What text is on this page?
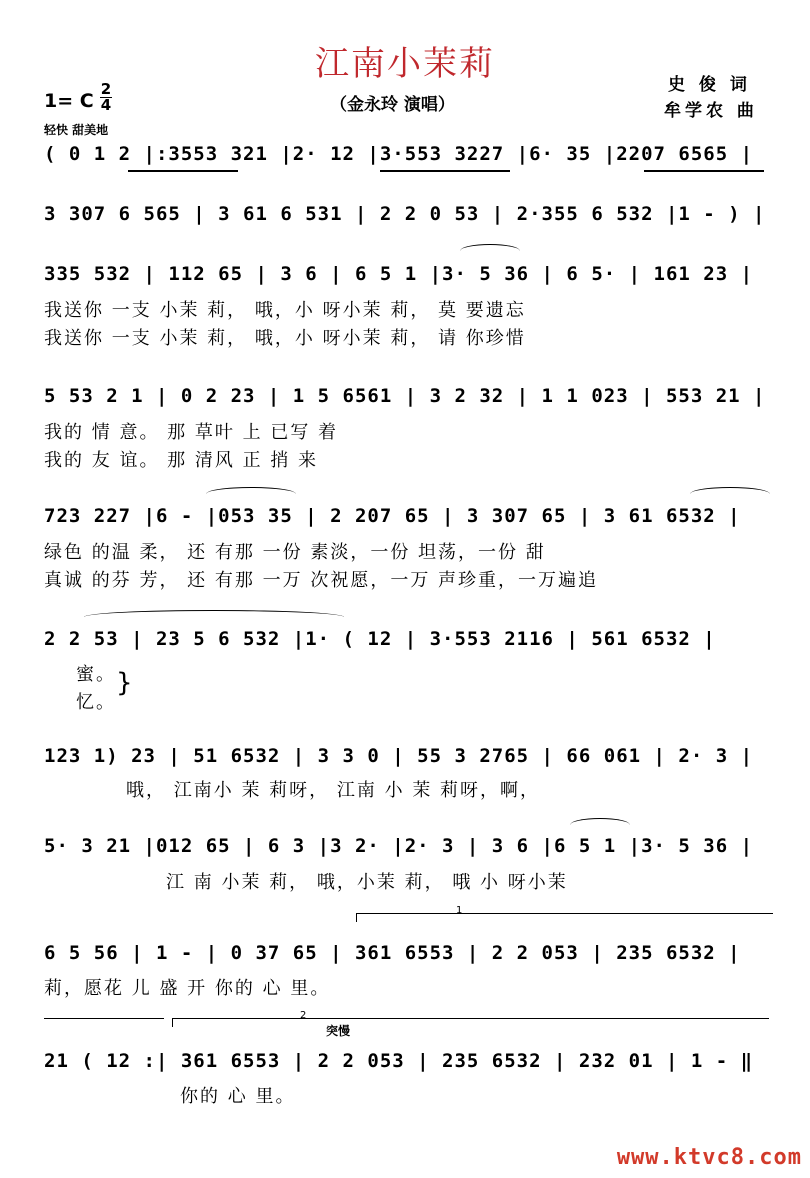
江南小茉莉
（金永玲 演唱）
史 俊 词
牟学农 曲
1= C
2
4
轻快 甜美地
( 0 1 2 |:3553 321 |2· 12 |3·553 3227 |6· 35 |2207 6565 |
3 307 6 565 | 3 61 6 531 | 2 2 0 53 | 2·355 6 532 |1 - ) |
335 532 | 112 65 | 3 6 | 6 5 1 |3· 5 36 | 6 5· | 161 23 |
我送你 一支 小茉 莉， 哦，小 呀小茉 莉， 莫 要遗忘
我送你 一支 小茉 莉， 哦，小 呀小茉 莉， 请 你珍惜
5 53 2 1 | 0 2 23 | 1 5 6561 | 3 2 32 | 1 1 023 | 553 21 |
我的 情 意。 那 草叶 上 已写 着
我的 友 谊。 那 清风 正 捎 来
723 227 |6 - |053 35 | 2 207 65 | 3 307 65 | 3 61 6532 |
绿色 的温 柔， 还 有那 一份 素淡，一份 坦荡，一份 甜
真诚 的芬 芳， 还 有那 一万 次祝愿，一万 声珍重，一万遍追
2 2 53 | 23 5 6 532 |1· ( 12 | 3·553 2116 | 561 6532 |
蜜。
忆。
}
123 1) 23 | 51 6532 | 3 3 0 | 55 3 2765 | 66 061 | 2· 3 |
哦， 江南小 茉 莉呀， 江南 小 茉 莉呀，啊，
5· 3 21 |012 65 | 6 3 |3 2· |2· 3 | 3 6 |6 5 1 |3· 5 36 |
江 南 小茉 莉， 哦，小茉 莉， 哦 小 呀小茉
1
6 5 56 | 1 - | 0 37 65 | 361 6553 | 2 2 053 | 235 6532 |
莉，愿花 儿 盛 开 你的 心 里。
2
突慢
21 ( 12 :| 361 6553 | 2 2 053 | 235 6532 | 232 01 | 1 - ‖
你的 心 里。
www.ktvc8.com
